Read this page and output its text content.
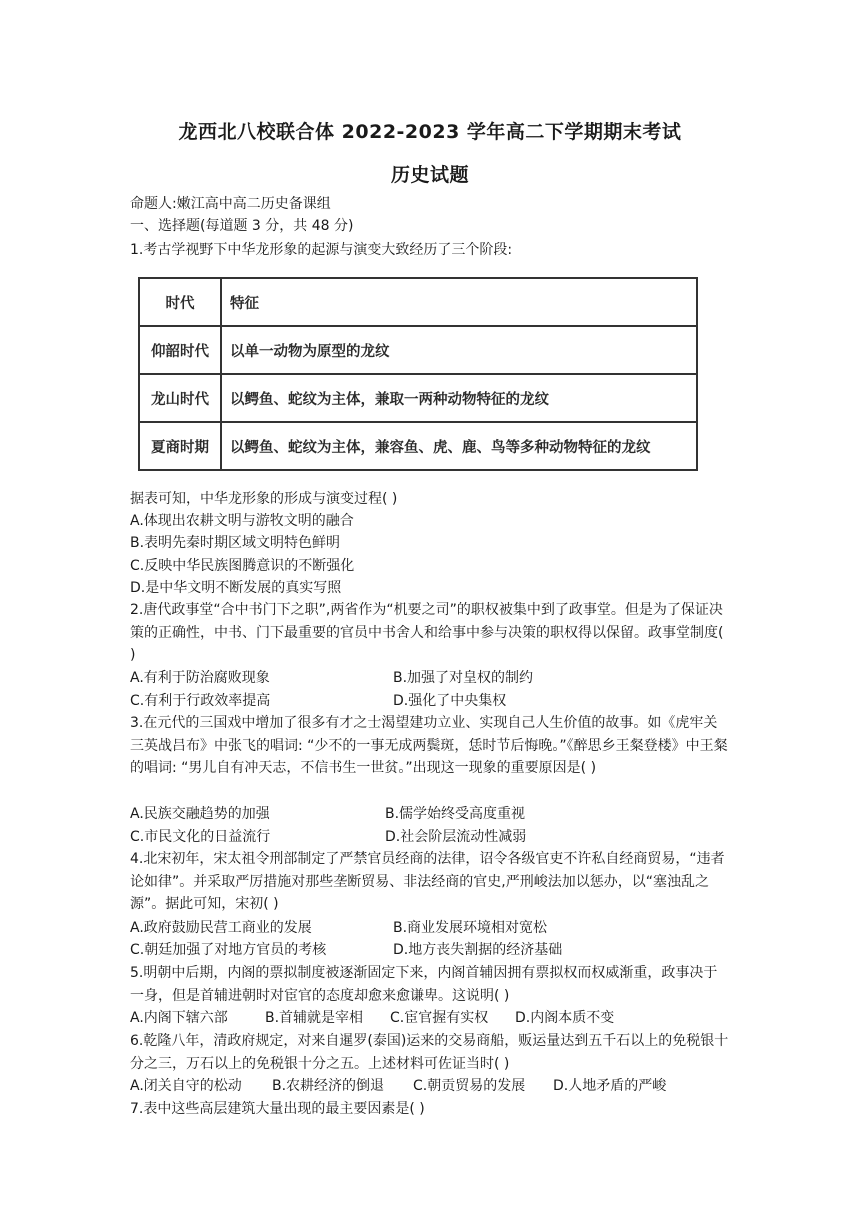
龙西北八校联合体 2022-2023 学年高二下学期期末考试
历史试题
命题人:嫩江高中高二历史备课组
一、选择题(每道题 3 分，共 48 分)
1.考古学视野下中华龙形象的起源与演变大致经历了三个阶段:
时代	特征
仰韶时代	以单一动物为原型的龙纹
龙山时代	以鳄鱼、蛇纹为主体，兼取一两种动物特征的龙纹
夏商时期	以鳄鱼、蛇纹为主体，兼容鱼、虎、鹿、鸟等多种动物特征的龙纹
据表可知，中华龙形象的形成与演变过程( )
A.体现出农耕文明与游牧文明的融合
B.表明先秦时期区域文明特色鲜明
C.反映中华民族图腾意识的不断强化
D.是中华文明不断发展的真实写照
2.唐代政事堂“合中书门下之职”,两省作为“机要之司”的职权被集中到了政事堂。但是为了保证决策的正确性，中书、门下最重要的官员中书舍人和给事中参与决策的职权得以保留。政事堂制度( )
A.有利于防治腐败现象	B.加强了对皇权的制约
C.有利于行政效率提高	D.强化了中央集权
3.在元代的三国戏中增加了很多有才之士渴望建功立业、实现自己人生价值的故事。如《虎牢关三英战吕布》中张飞的唱词: “少不的一事无成两鬓斑，恁时节后悔晚。”《醉思乡王粲登楼》中王粲的唱词: “男儿自有冲天志，不信书生一世贫。”出现这一现象的重要原因是( )
A.民族交融趋势的加强	B.儒学始终受高度重视
C.市民文化的日益流行	D.社会阶层流动性减弱
4.北宋初年，宋太祖令刑部制定了严禁官员经商的法律，诏令各级官吏不许私自经商贸易，“违者论如律”。并采取严厉措施对那些垄断贸易、非法经商的官史,严刑峻法加以惩办，以“塞浊乱之源”。据此可知，宋初( )
A.政府鼓励民营工商业的发展	B.商业发展环境相对宽松
C.朝廷加强了对地方官员的考核	D.地方丧失割据的经济基础
5.明朝中后期，内阁的票拟制度被逐渐固定下来，内阁首辅因拥有票拟权而权威渐重，政事决于一身，但是首辅进朝时对宦官的态度却愈来愈谦卑。这说明( )
A.内阁下辖六部	B.首辅就是宰相 C.宦官握有实权 D.内阁本质不变
6.乾隆八年，清政府规定，对来自暹罗(泰国)运来的交易商船，贩运量达到五千石以上的免税银十分之三，万石以上的免税银十分之五。上述材料可佐证当时( )
A.闭关自守的松动 B.农耕经济的倒退 C.朝贡贸易的发展 D.人地矛盾的严峻
7.表中这些高层建筑大量出现的最主要因素是( )
